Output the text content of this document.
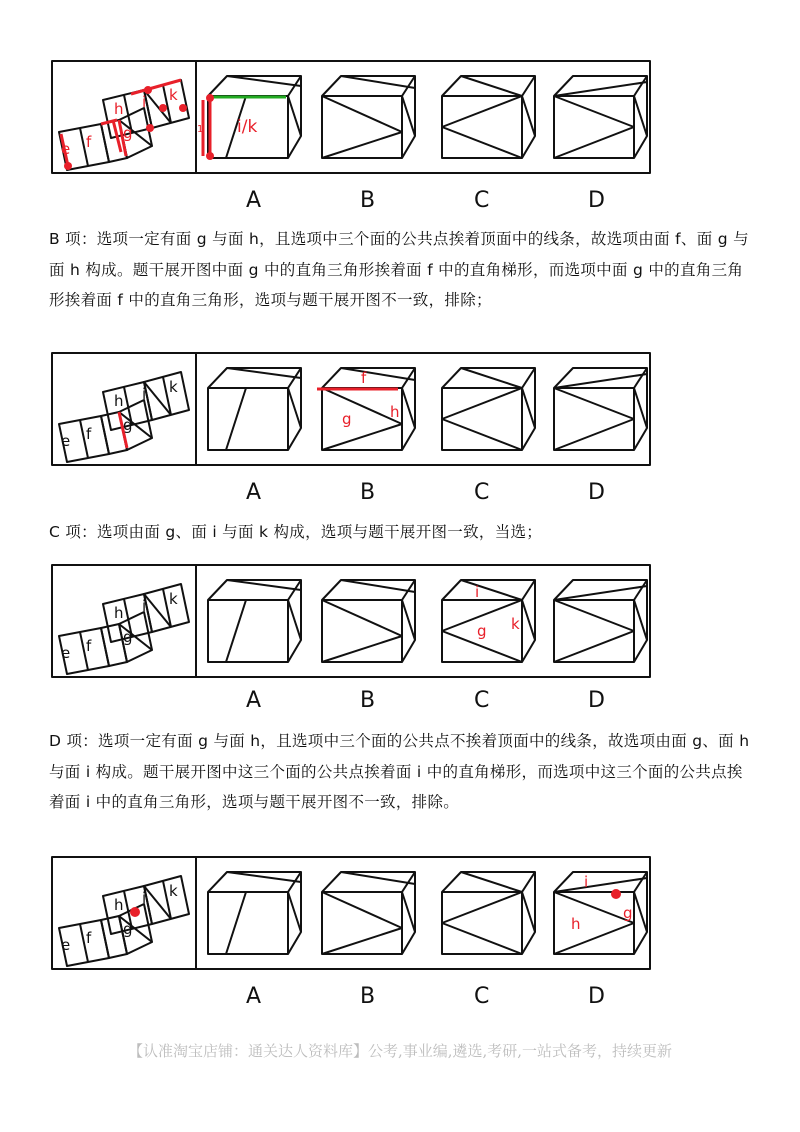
e f g
h i k
i/k
1
A	B	C	D

B 项：选项一定有面 g 与面 h，且选项中三个面的公共点挨着顶面中的线条，故选项由面 f、面 g 与面 h 构成。题干展开图中面 g 中的直角三角形挨着面 f 中的直角梯形，而选项中面 g 中的直角三角形挨着面 f 中的直角三角形，选项与题干展开图不一致，排除；

e f g
h i k	f
g	h
A	B	C	D

C 项：选项由面 g、面 i 与面 k 构成，选项与题干展开图一致，当选；

e f g
h i k	i
g k
A	B	C	D

D 项：选项一定有面 g 与面 h，且选项中三个面的公共点不挨着顶面中的线条，故选项由面 g、面 h 与面 i 构成。题干展开图中这三个面的公共点挨着面 i 中的直角梯形，而选项中这三个面的公共点挨着面 i 中的直角三角形，选项与题干展开图不一致，排除。

e f g
h i k	i
h
g
A	B	C	D
【认准淘宝店铺：通关达人资料库】公考,事业编,遴选,考研,一站式备考，持续更新
